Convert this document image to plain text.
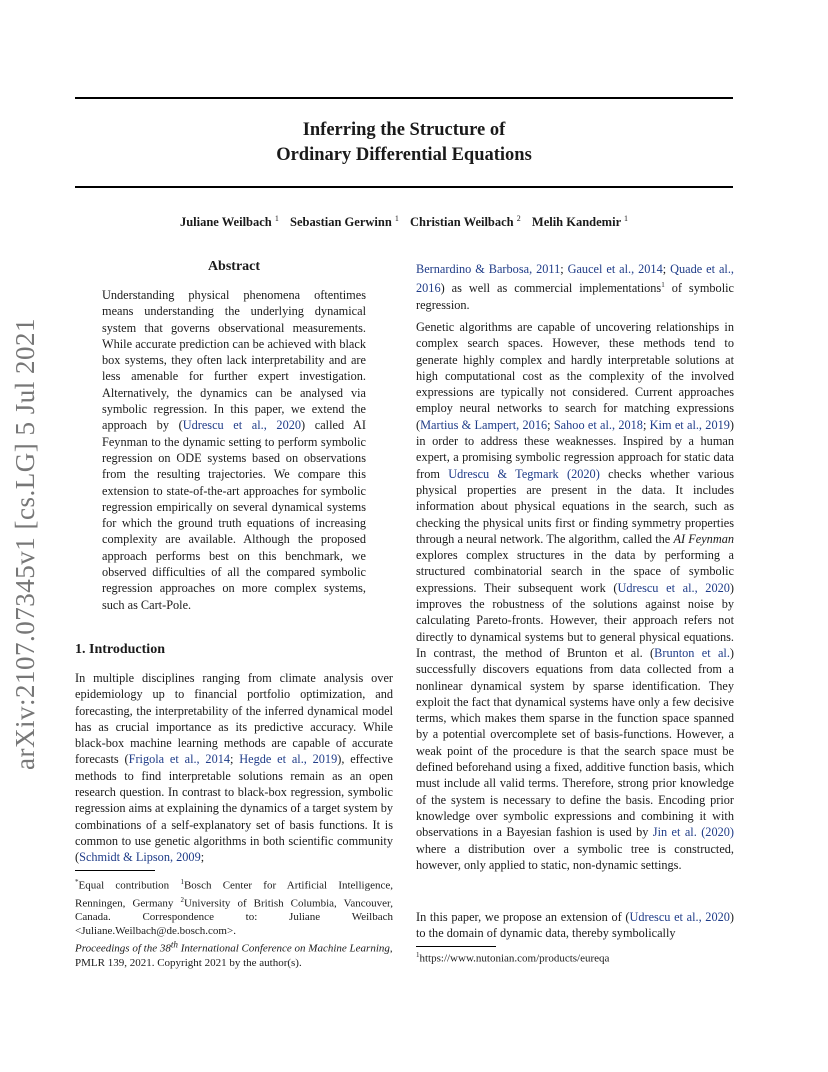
Inferring the Structure of
Ordinary Differential Equations
Juliane Weilbach $^1$ Sebastian Gerwinn $^1$ Christian Weilbach $^2$ Melih Kandemir $^1$
arXiv:2107.07345v1 [cs.LG] 5 Jul 2021
Abstract
Understanding physical phenomena oftentimes means understanding the underlying dynamical system that governs observational measurements. While accurate prediction can be achieved with black box systems, they often lack interpretability and are less amenable for further expert investigation. Alternatively, the dynamics can be analysed via symbolic regression. In this paper, we extend the approach by (Udrescu et al., 2020) called AI Feynman to the dynamic setting to perform symbolic regression on ODE systems based on observations from the resulting trajectories. We compare this extension to state-of-the-art approaches for symbolic regression empirically on several dynamical systems for which the ground truth equations of increasing complexity are available. Although the proposed approach performs best on this benchmark, we observed difficulties of all the compared symbolic regression approaches on more complex systems, such as Cart-Pole.
1. Introduction
In multiple disciplines ranging from climate analysis over epidemiology up to financial portfolio optimization, and forecasting, the interpretability of the inferred dynamical model has as crucial importance as its predictive accuracy. While black-box machine learning methods are capable of accurate forecasts (Frigola et al., 2014; Hegde et al., 2019), effective methods to find interpretable solutions remain as an open research question. In contrast to black-box regression, symbolic regression aims at explaining the dynamics of a target system by combinations of a self-explanatory set of basis functions. It is common to use genetic algorithms in both scientific community (Schmidt & Lipson, 2009;
*Equal contribution $^1$Bosch Center for Artificial Intelligence, Renningen, Germany $^2$University of British Columbia, Vancouver, Canada. Correspondence to: Juliane Weilbach <Juliane.Weilbach@de.bosch.com>.
Proceedings of the 38th International Conference on Machine Learning, PMLR 139, 2021. Copyright 2021 by the author(s).
Bernardino & Barbosa, 2011; Gaucel et al., 2014; Quade et al., 2016) as well as commercial implementations$^1$ of symbolic regression.
Genetic algorithms are capable of uncovering relationships in complex search spaces. However, these methods tend to generate highly complex and hardly interpretable solutions at high computational cost as the complexity of the involved expressions are typically not considered. Current approaches employ neural networks to search for matching expressions (Martius & Lampert, 2016; Sahoo et al., 2018; Kim et al., 2019) in order to address these weaknesses. Inspired by a human expert, a promising symbolic regression approach for static data from Udrescu & Tegmark (2020) checks whether various physical properties are present in the data. It includes information about physical equations in the search, such as checking the physical units first or finding symmetry properties through a neural network. The algorithm, called the AI Feynman explores complex structures in the data by performing a structured combinatorial search in the space of symbolic expressions. Their subsequent work (Udrescu et al., 2020) improves the robustness of the solutions against noise by calculating Pareto-fronts. However, their approach refers not directly to dynamical systems but to general physical equations. In contrast, the method of Brunton et al. (Brunton et al.) successfully discovers equations from data collected from a nonlinear dynamical system by sparse identification. They exploit the fact that dynamical systems have only a few decisive terms, which makes them sparse in the function space spanned by a potential overcomplete set of basis-functions. However, a weak point of the procedure is that the search space must be defined beforehand using a fixed, additive function basis, which must include all valid terms. Therefore, strong prior knowledge of the system is necessary to define the basis. Encoding prior knowledge over symbolic expressions and combining it with observations in a Bayesian fashion is used by Jin et al. (2020) where a distribution over a symbolic tree is constructed, however, only applied to static, non-dynamic settings.
In this paper, we propose an extension of (Udrescu et al., 2020) to the domain of dynamic data, thereby symbolically
$^1$https://www.nutonian.com/products/eureqa
